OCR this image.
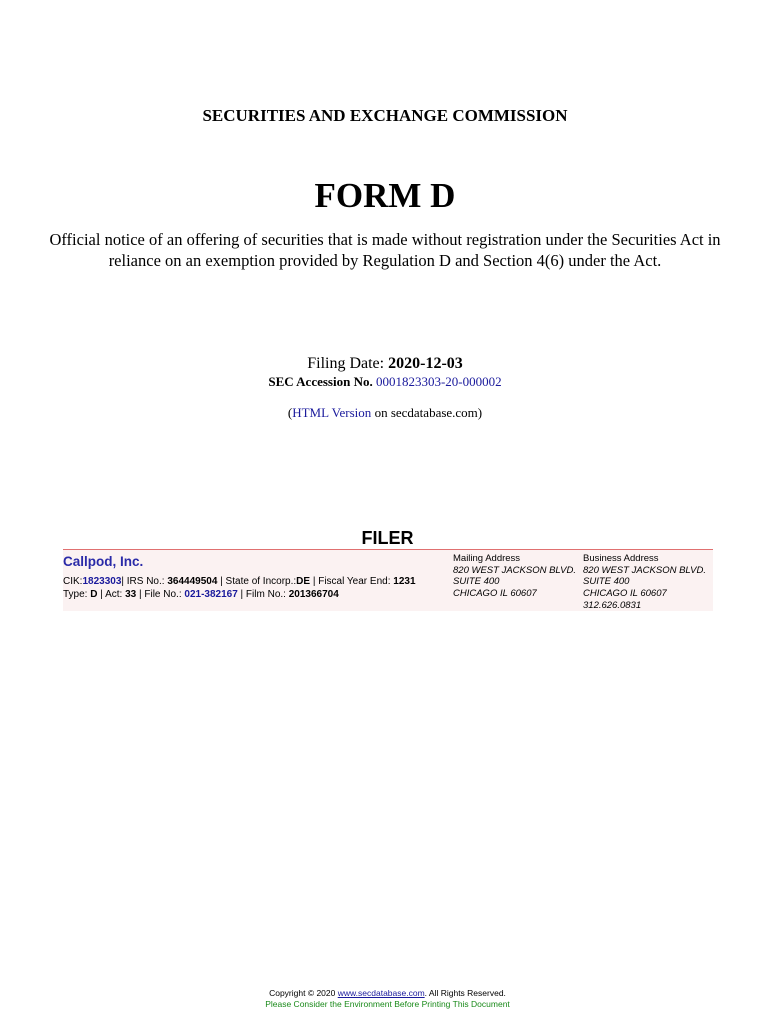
SECURITIES AND EXCHANGE COMMISSION
FORM D
Official notice of an offering of securities that is made without registration under the Securities Act in reliance on an exemption provided by Regulation D and Section 4(6) under the Act.
Filing Date: 2020-12-03
SEC Accession No. 0001823303-20-000002
(HTML Version on secdatabase.com)
FILER
Callpod, Inc.
CIK:1823303| IRS No.: 364449504 | State of Incorp.:DE | Fiscal Year End: 1231
Type: D | Act: 33 | File No.: 021-382167 | Film No.: 201366704
Mailing Address
820 WEST JACKSON BLVD.
SUITE 400
CHICAGO IL 60607
Business Address
820 WEST JACKSON BLVD.
SUITE 400
CHICAGO IL 60607
312.626.0831
Copyright © 2020 www.secdatabase.com. All Rights Reserved.
Please Consider the Environment Before Printing This Document
